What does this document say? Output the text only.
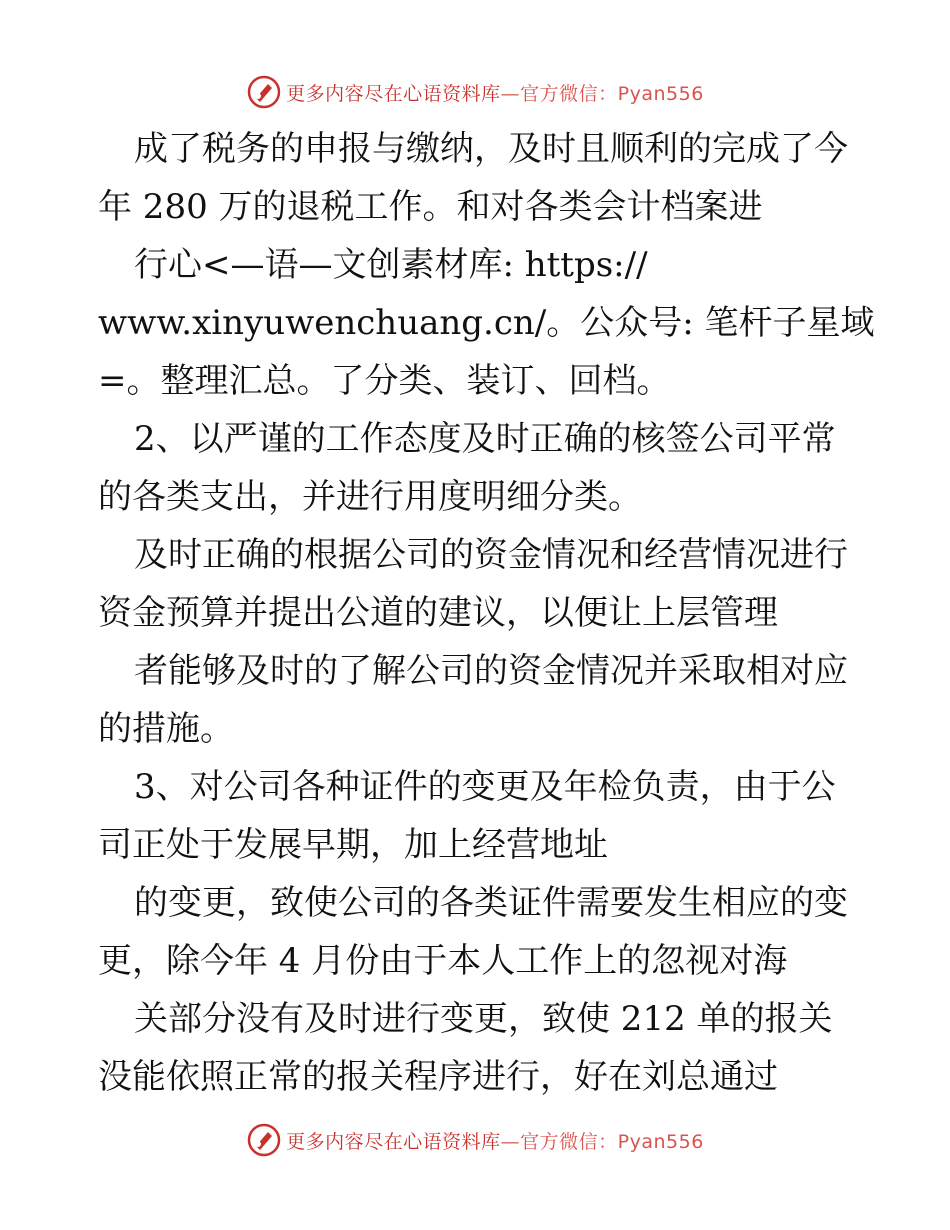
更多内容尽在心语资料库—官方微信：Pyan556
成了税务的申报与缴纳，及时且顺利的完成了今
年 280 万的退税工作。和对各类会计档案进
行心<—语—文创素材库: https://
www.xinyuwenchuang.cn/。公众号: 笔杆子星域
=。整理汇总。了分类、装订、回档。
2、以严谨的工作态度及时正确的核签公司平常
的各类支出，并进行用度明细分类。
及时正确的根据公司的资金情况和经营情况进行
资金预算并提出公道的建议，以便让上层管理
者能够及时的了解公司的资金情况并采取相对应
的措施。
3、对公司各种证件的变更及年检负责，由于公
司正处于发展早期，加上经营地址
的变更，致使公司的各类证件需要发生相应的变
更，除今年 4 月份由于本人工作上的忽视对海
关部分没有及时进行变更，致使 212 单的报关
没能依照正常的报关程序进行，好在刘总通过
更多内容尽在心语资料库—官方微信：Pyan556
